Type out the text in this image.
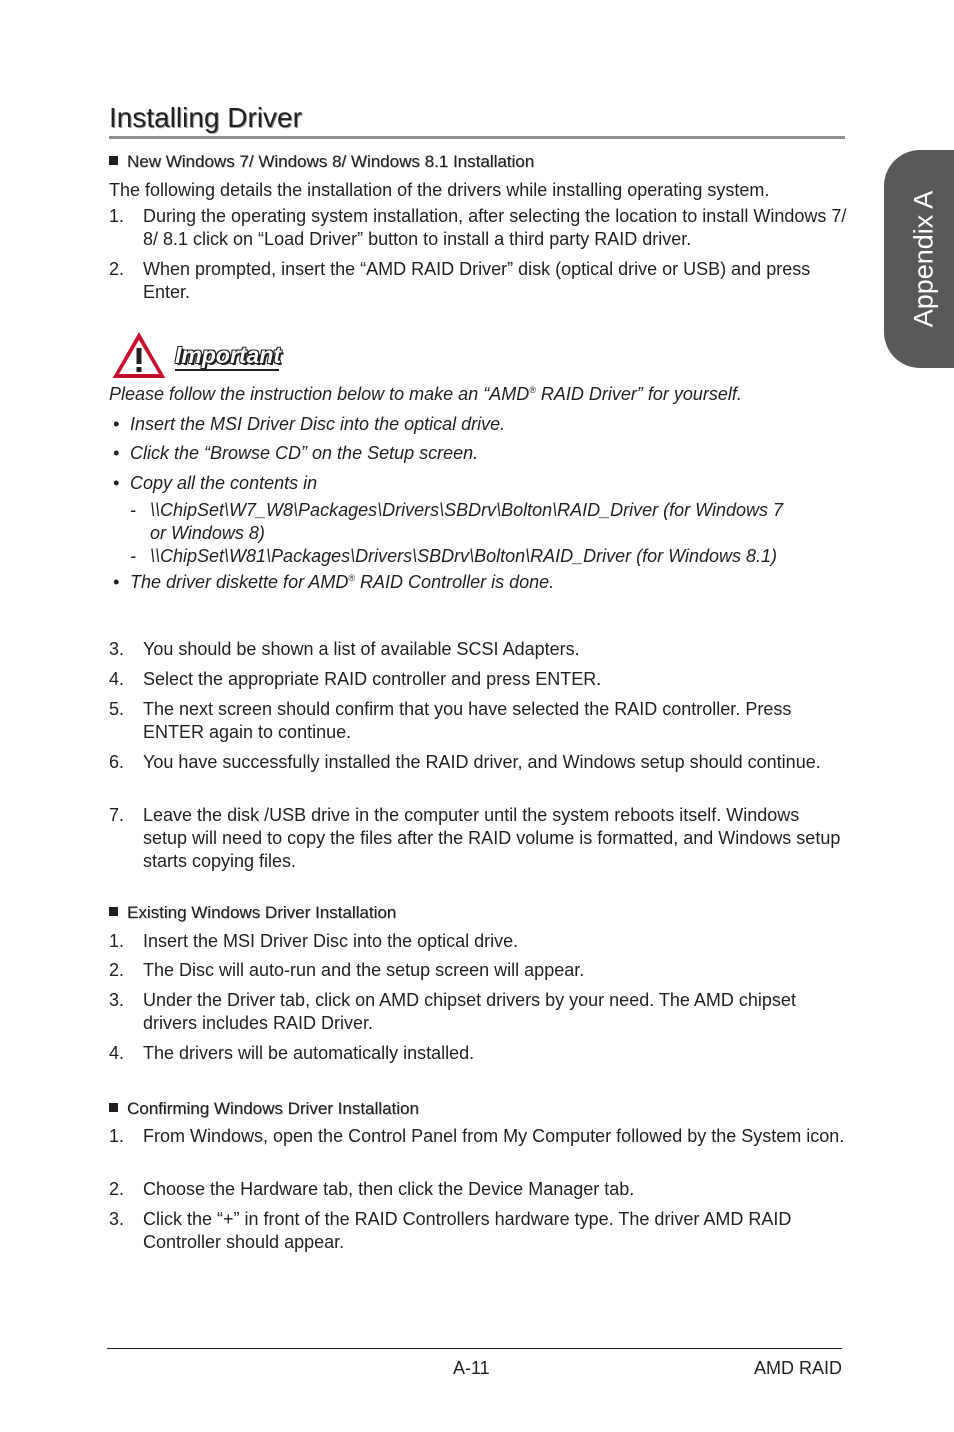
Appendix A
Installing Driver
New Windows 7/ Windows 8/ Windows 8.1 Installation
The following details the installation of the drivers while installing operating system.
1. During the operating system installation, after selecting the location to install Windows 7/ 8/ 8.1 click on “Load Driver” button to install a third party RAID driver.
2. When prompted, insert the “AMD RAID Driver” disk (optical drive or USB) and press Enter.
Important
Please follow the instruction below to make an “AMD® RAID Driver” for yourself.
• Insert the MSI Driver Disc into the optical drive.
• Click the “Browse CD” on the Setup screen.
• Copy all the contents in
- \\ChipSet\W7_W8\Packages\Drivers\SBDrv\Bolton\RAID_Driver (for Windows 7
or Windows 8)
- \\ChipSet\W81\Packages\Drivers\SBDrv\Bolton\RAID_Driver (for Windows 8.1)
• The driver diskette for AMD® RAID Controller is done.
3. You should be shown a list of available SCSI Adapters.
4. Select the appropriate RAID controller and press ENTER.
5. The next screen should confirm that you have selected the RAID controller. Press ENTER again to continue.
6. You have successfully installed the RAID driver, and Windows setup should continue.
7. Leave the disk /USB drive in the computer until the system reboots itself. Windows setup will need to copy the files after the RAID volume is formatted, and Windows setup starts copying files.
Existing Windows Driver Installation
1. Insert the MSI Driver Disc into the optical drive.
2. The Disc will auto-run and the setup screen will appear.
3. Under the Driver tab, click on AMD chipset drivers by your need. The AMD chipset drivers includes RAID Driver.
4. The drivers will be automatically installed.
Confirming Windows Driver Installation
1. From Windows, open the Control Panel from My Computer followed by the System icon.
2. Choose the Hardware tab, then click the Device Manager tab.
3. Click the “+” in front of the RAID Controllers hardware type. The driver AMD RAID Controller should appear.
A-11	AMD RAID
